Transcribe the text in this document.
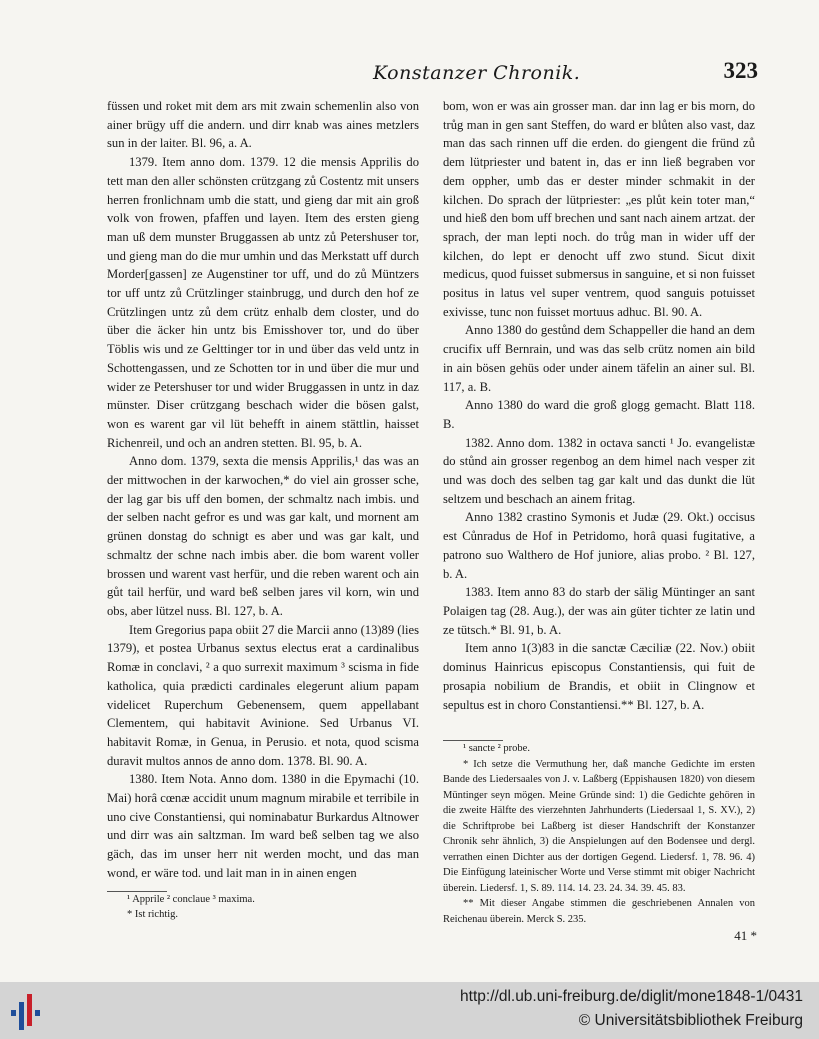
Konstanzer Chronik.	323

füssen und roket mit dem ars mit zwain schemenlin also von ainer brügy uff die andern. und dirr knab was aines metzlers sun in der laiter. Bl. 96, a. A.

1379. Item anno dom. 1379. 12 die mensis Apprilis do tett man den aller schönsten crützgang zů Costentz mit unsers herren fronlichnam umb die statt, und gieng dar mit ain groß volk von frowen, pfaffen und layen. Item des ersten gieng man uß dem munster Bruggassen ab untz zů Petershuser tor, und gieng man do die mur umhin und das Merkstatt uff durch Morder[gassen] ze Augenstiner tor uff, und do zů Müntzers tor uff untz zů Crützlinger stainbrugg, und durch den hof ze Crützlingen untz zů dem crütz enhalb dem closter, und do über die äcker hin untz bis Emisshover tor, und do über Töblis wis und ze Gelttinger tor in und über das veld untz in Schottengassen, und ze Schotten tor in und über die mur und wider ze Petershuser tor und wider Bruggassen in untz in daz münster. Diser crützgang beschach wider die bösen galst, won es warent gar vil lüt behefft in ainem stättlin, haisset Richenreil, und och an andren stetten. Bl. 95, b. A.

Anno dom. 1379, sexta die mensis Apprilis,¹ das was an der mittwochen in der karwochen,* do viel ain grosser sche, der lag gar bis uff den bomen, der schmaltz nach imbis. und der selben nacht gefror es und was gar kalt, und mornent am grünen donstag do schnigt es aber und was gar kalt, und schmaltz der schne nach imbis aber. die bom warent voller brossen und warent vast herfür, und die reben warent och ain gůt tail herfür, und ward beß selben jares vil korn, win und obs, aber lützel nuss. Bl. 127, b. A.

Item Gregorius papa obiit 27 die Marcii anno (13)89 (lies 1379), et postea Urbanus sextus electus erat a cardinalibus Romæ in conclavi, ² a quo surrexit maximum ³ scisma in fide katholica, quia prædicti cardinales elegerunt alium papam videlicet Ruperchum Gebenensem, quem appellabant Clementem, qui habitavit Avinione. Sed Urbanus VI. habitavit Romæ, in Genua, in Perusio. et nota, quod scisma duravit multos annos de anno dom. 1378. Bl. 90. A.

1380. Item Nota. Anno dom. 1380 in die Epymachi (10. Mai) horâ cœnæ accidit unum magnum mirabile et terribile in uno cive Constantiensi, qui nominabatur Burkardus Altnower und dirr was ain saltzman. Im ward beß selben tag we also gäch, das im unser herr nit werden mocht, und das man wond, er wäre tod. und lait man in in ainen engen

¹ Apprile ² conclaue ³ maxima.

* Ist richtig.

bom, won er was ain grosser man. dar inn lag er bis morn, do trůg man in gen sant Steffen, do ward er blůten also vast, daz man das sach rinnen uff die erden. do giengent die fründ zů dem lütpriester und batent in, das er inn ließ begraben vor dem oppher, umb das er dester minder schmakit in der kilchen. Do sprach der lütpriester: „es plůt kein toter man,“ und hieß den bom uff brechen und sant nach ainem artzat. der sprach, der man lepti noch. do trůg man in wider uff der kilchen, do lept er denocht uff zwo stund. Sicut dixit medicus, quod fuisset submersus in sanguine, et si non fuisset positus in latus vel super ventrem, quod sanguis potuisset exivisse, tunc non fuisset mortuus adhuc. Bl. 90. A.

Anno 1380 do gestůnd dem Schappeller die hand an dem crucifix uff Bernrain, und was das selb crütz nomen ain bild in ain bösen gehüs oder under ainem täfelin an ainer sul. Bl. 117, a. B.

Anno 1380 do ward die groß glogg gemacht. Blatt 118. B.

1382. Anno dom. 1382 in octava sancti ¹ Jo. evangelistæ do stůnd ain grosser regenbog an dem himel nach vesper zit und was doch des selben tag gar kalt und das dunkt die lüt seltzem und beschach an ainem fritag.

Anno 1382 crastino Symonis et Judæ (29. Okt.) occisus est Cůnradus de Hof in Petridomo, horâ quasi fugitative, a patrono suo Walthero de Hof juniore, alias probo. ² Bl. 127, b. A.

1383. Item anno 83 do starb der sälig Müntinger an sant Polaigen tag (28. Aug.), der was ain güter tichter ze latin und ze tütsch.* Bl. 91, b. A.

Item anno 1(3)83 in die sanctæ Cæciliæ (22. Nov.) obiit dominus Hainricus episcopus Constantiensis, qui fuit de prosapia nobilium de Brandis, et obiit in Clingnow et sepultus est in choro Constantiensi.** Bl. 127, b. A.

¹ sancte ² probe.

* Ich setze die Vermuthung her, daß manche Gedichte im ersten Bande des Liedersaales von J. v. Laßberg (Eppishausen 1820) von diesem Müntinger seyn mögen. Meine Gründe sind: 1) die Gedichte gehören in die zweite Hälfte des vierzehnten Jahrhunderts (Liedersaal 1, S. XV.), 2) die Schriftprobe bei Laßberg ist dieser Handschrift der Konstanzer Chronik sehr ähnlich, 3) die Anspielungen auf den Bodensee und dergl. verrathen einen Dichter aus der dortigen Gegend. Liedersf. 1, 78. 96. 4) Die Einfügung lateinischer Worte und Verse stimmt mit obiger Nachricht überein. Liedersf. 1, S. 89. 114. 14. 23. 24. 34. 39. 45. 83.

** Mit dieser Angabe stimmen die geschriebenen Annalen von Reichenau überein. Merck S. 235.

41 *
http://dl.ub.uni-freiburg.de/diglit/mone1848-1/0431
© Universitätsbibliothek Freiburg
